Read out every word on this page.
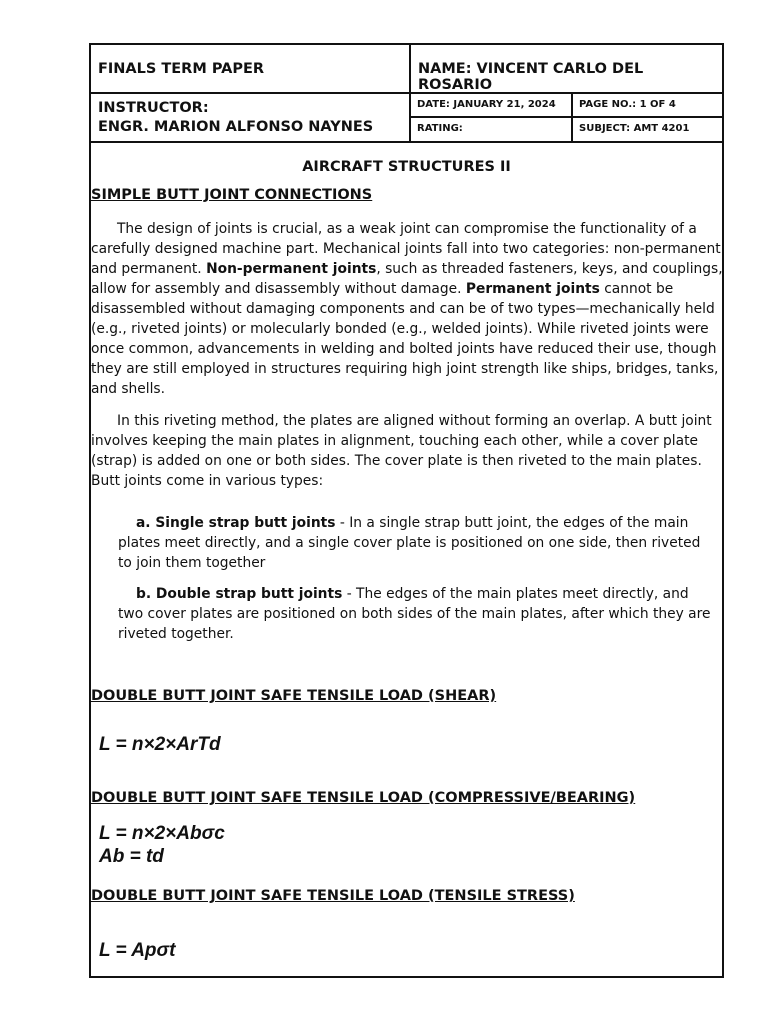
FINALS TERM PAPER	NAME: VINCENT CARLO DEL ROSARIO
INSTRUCTOR:
ENGR. MARION ALFONSO NAYNES
DATE: JANUARY 21, 2024 PAGE NO.: 1 OF 4
RATING:	SUBJECT: AMT 4201
AIRCRAFT STRUCTURES II
SIMPLE BUTT JOINT CONNECTIONS

The design of joints is crucial, as a weak joint can compromise the functionality of a carefully designed machine part. Mechanical joints fall into two categories: non-permanent and permanent. Non-permanent joints, such as threaded fasteners, keys, and couplings, allow for assembly and disassembly without damage. Permanent joints cannot be disassembled without damaging components and can be of two types—mechanically held (e.g., riveted joints) or molecularly bonded (e.g., welded joints). While riveted joints were once common, advancements in welding and bolted joints have reduced their use, though they are still employed in structures requiring high joint strength like ships, bridges, tanks, and shells.

In this riveting method, the plates are aligned without forming an overlap. A butt joint involves keeping the main plates in alignment, touching each other, while a cover plate (strap) is added on one or both sides. The cover plate is then riveted to the main plates. Butt joints come in various types:

a. Single strap butt joints - In a single strap butt joint, the edges of the main plates meet directly, and a single cover plate is positioned on one side, then riveted to join them together
b. Double strap butt joints - The edges of the main plates meet directly, and two cover plates are positioned on both sides of the main plates, after which they are riveted together.
DOUBLE BUTT JOINT SAFE TENSILE LOAD (SHEAR)
L = n×2×ArTd
DOUBLE BUTT JOINT SAFE TENSILE LOAD (COMPRESSIVE/BEARING)
L = n×2×Abσc
Ab = td
DOUBLE BUTT JOINT SAFE TENSILE LOAD (TENSILE STRESS)
L = Apσt
